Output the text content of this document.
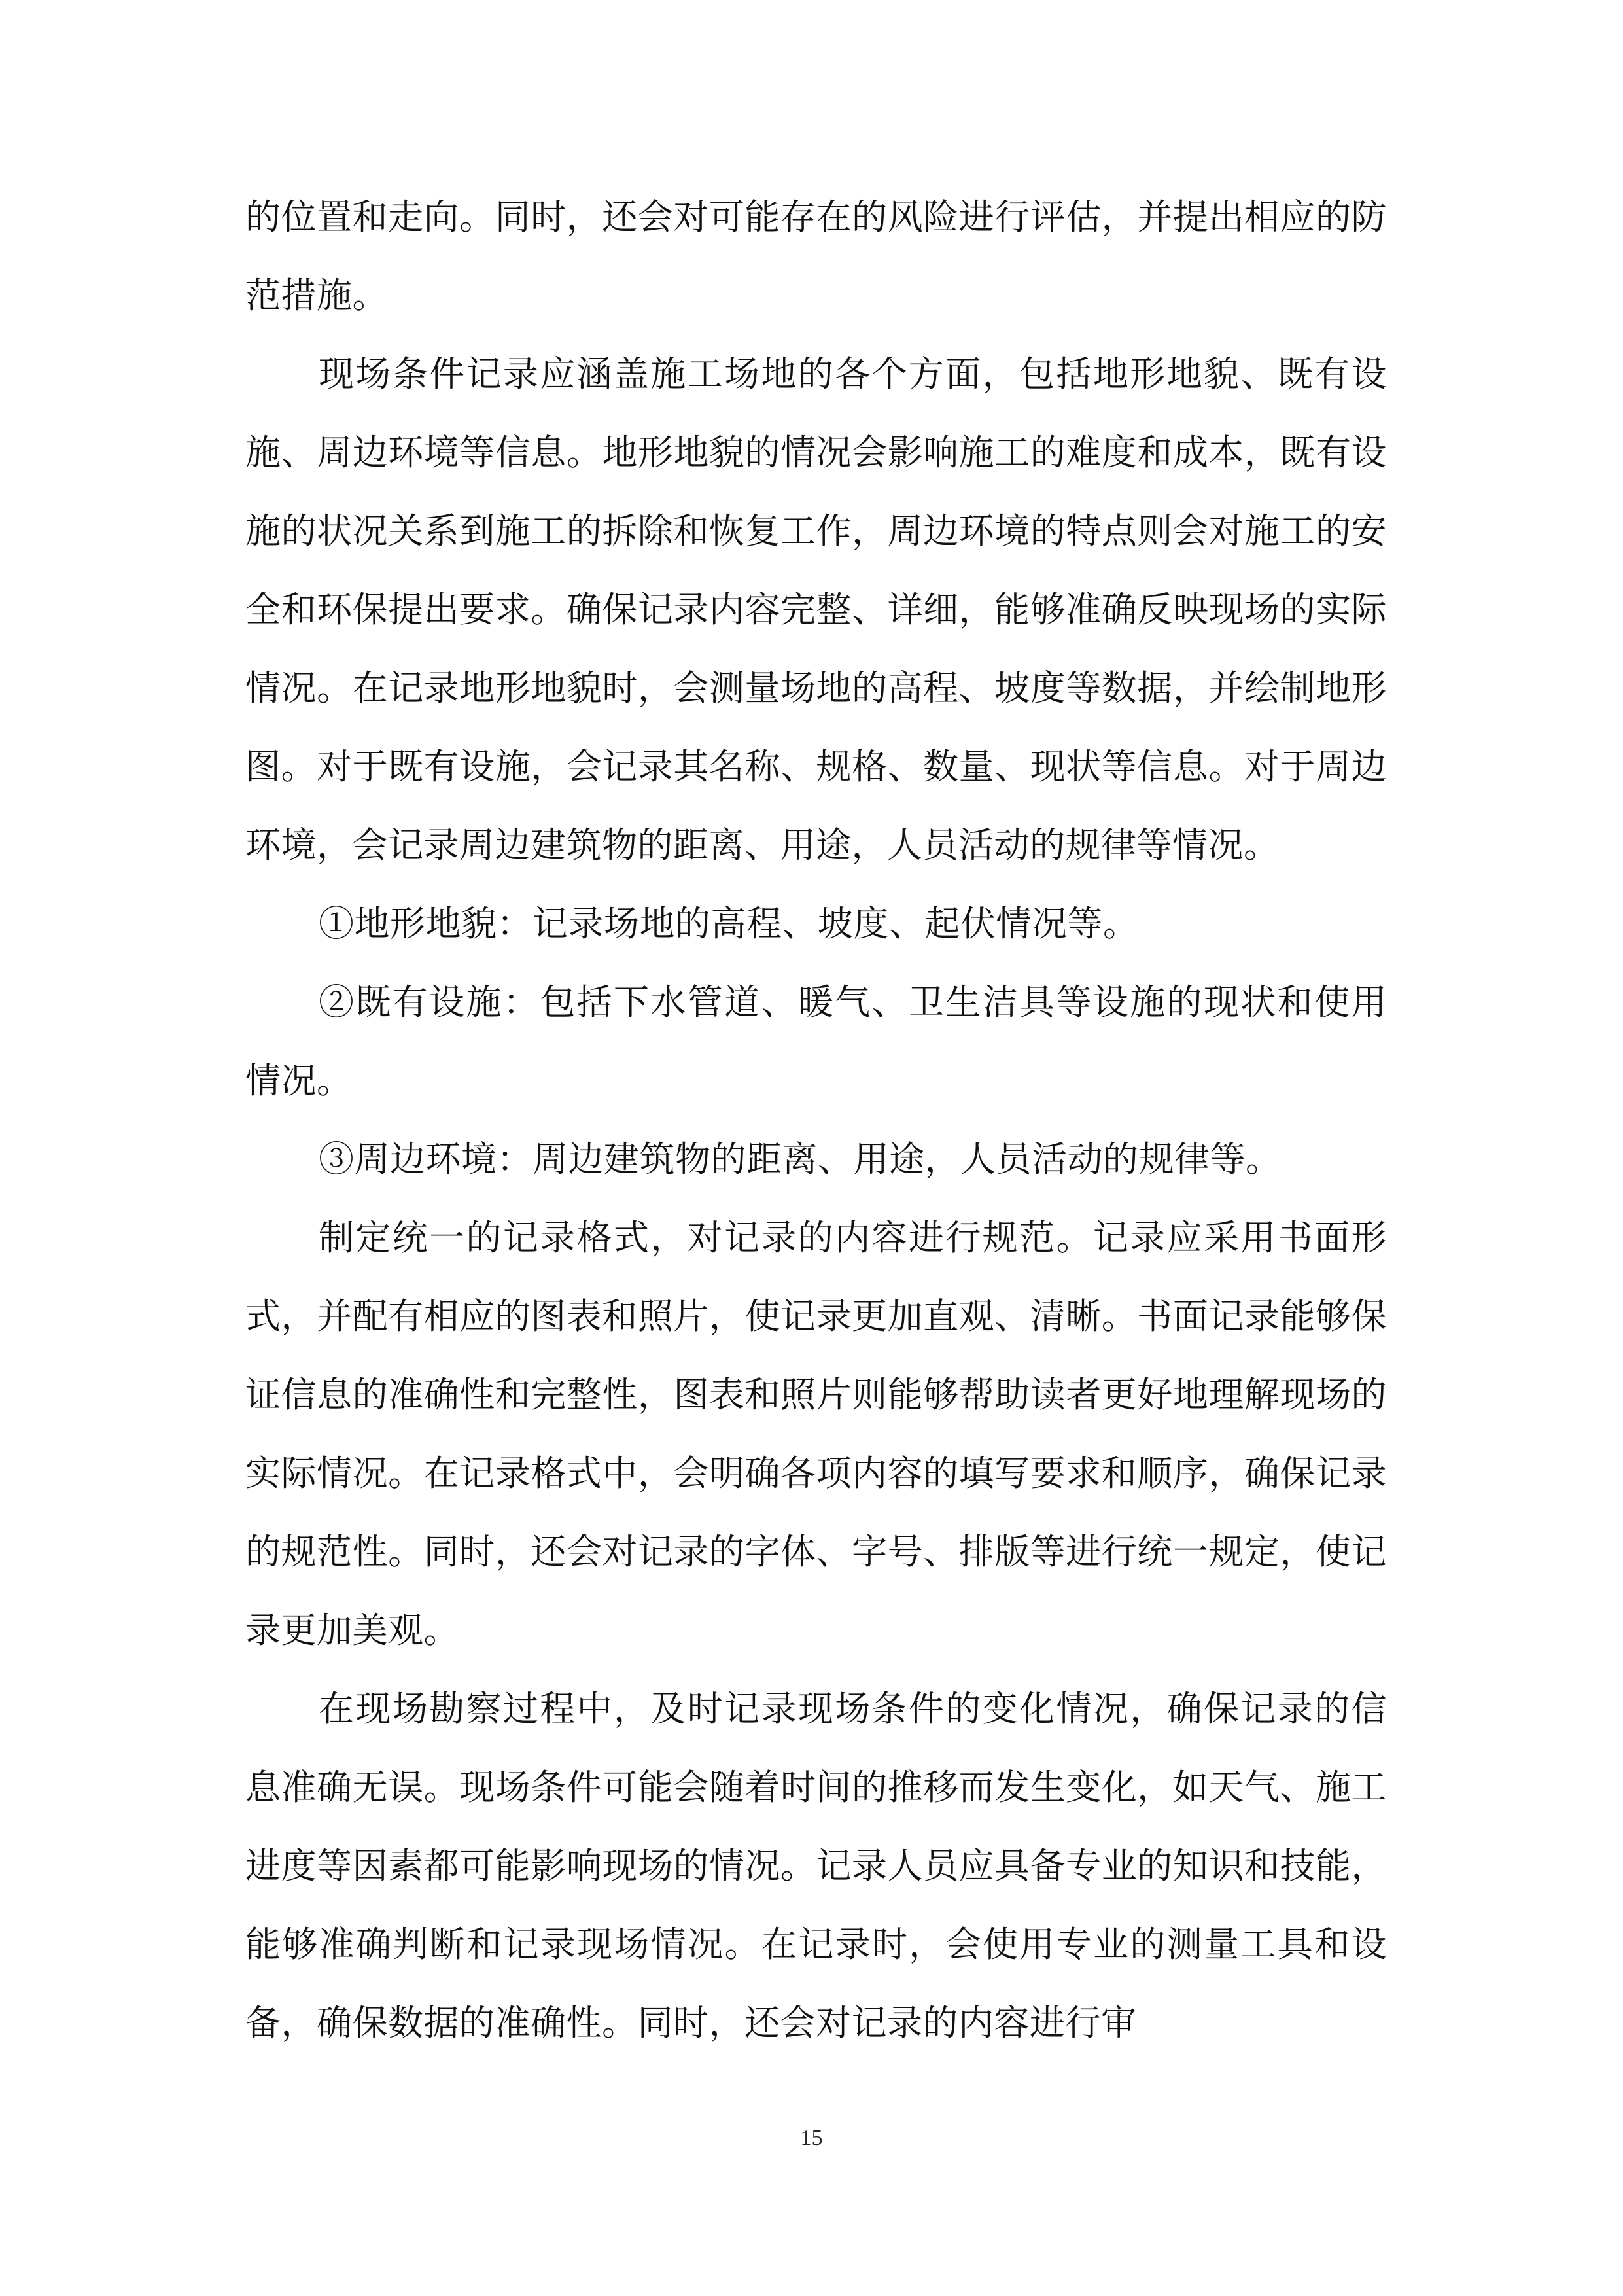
的位置和走向。同时，还会对可能存在的风险进行评估，并提出相应的防范措施。

现场条件记录应涵盖施工场地的各个方面，包括地形地貌、既有设施、周边环境等信息。地形地貌的情况会影响施工的难度和成本，既有设施的状况关系到施工的拆除和恢复工作，周边环境的特点则会对施工的安全和环保提出要求。确保记录内容完整、详细，能够准确反映现场的实际情况。在记录地形地貌时，会测量场地的高程、坡度等数据，并绘制地形图。对于既有设施，会记录其名称、规格、数量、现状等信息。对于周边环境，会记录周边建筑物的距离、用途，人员活动的规律等情况。

①地形地貌：记录场地的高程、坡度、起伏情况等。

②既有设施：包括下水管道、暖气、卫生洁具等设施的现状和使用情况。

③周边环境：周边建筑物的距离、用途，人员活动的规律等。

制定统一的记录格式，对记录的内容进行规范。记录应采用书面形式，并配有相应的图表和照片，使记录更加直观、清晰。书面记录能够保证信息的准确性和完整性，图表和照片则能够帮助读者更好地理解现场的实际情况。在记录格式中，会明确各项内容的填写要求和顺序，确保记录的规范性。同时，还会对记录的字体、字号、排版等进行统一规定，使记录更加美观。

在现场勘察过程中，及时记录现场条件的变化情况，确保记录的信息准确无误。现场条件可能会随着时间的推移而发生变化，如天气、施工进度等因素都可能影响现场的情况。记录人员应具备专业的知识和技能，能够准确判断和记录现场情况。在记录时，会使用专业的测量工具和设备，确保数据的准确性。同时，还会对记录的内容进行审

15
